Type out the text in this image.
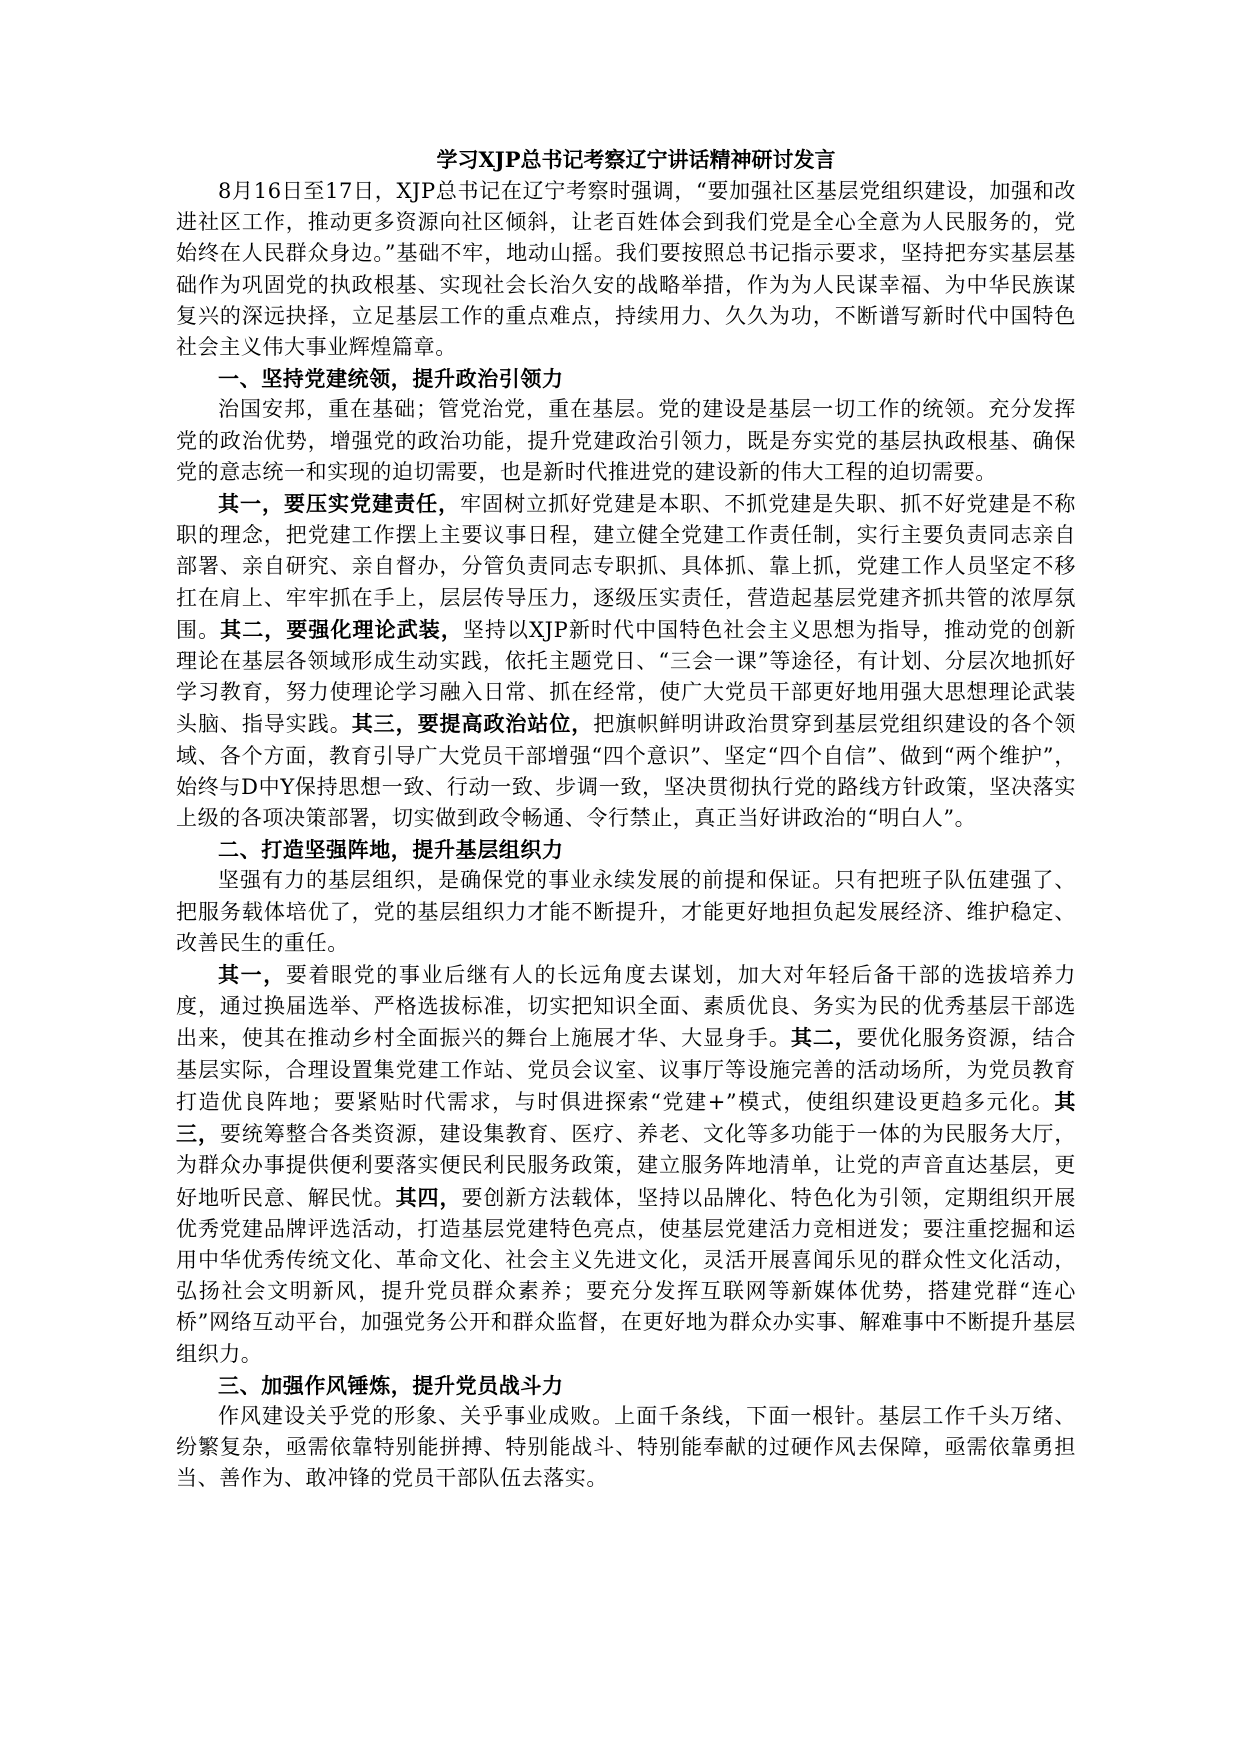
学习XJP总书记考察辽宁讲话精神研讨发言

8月16日至17日，XJP总书记在辽宁考察时强调，“要加强社区基层党组织建设，加强和改进社区工作，推动更多资源向社区倾斜，让老百姓体会到我们党是全心全意为人民服务的，党始终在人民群众身边。”基础不牢，地动山摇。我们要按照总书记指示要求，坚持把夯实基层基础作为巩固党的执政根基、实现社会长治久安的战略举措，作为为人民谋幸福、为中华民族谋复兴的深远抉择，立足基层工作的重点难点，持续用力、久久为功，不断谱写新时代中国特色社会主义伟大事业辉煌篇章。

一、坚持党建统领，提升政治引领力

治国安邦，重在基础；管党治党，重在基层。党的建设是基层一切工作的统领。充分发挥党的政治优势，增强党的政治功能，提升党建政治引领力，既是夯实党的基层执政根基、确保党的意志统一和实现的迫切需要，也是新时代推进党的建设新的伟大工程的迫切需要。

其一，要压实党建责任，牢固树立抓好党建是本职、不抓党建是失职、抓不好党建是不称职的理念，把党建工作摆上主要议事日程，建立健全党建工作责任制，实行主要负责同志亲自部署、亲自研究、亲自督办，分管负责同志专职抓、具体抓、靠上抓，党建工作人员坚定不移扛在肩上、牢牢抓在手上，层层传导压力，逐级压实责任，营造起基层党建齐抓共管的浓厚氛围。其二，要强化理论武装，坚持以XJP新时代中国特色社会主义思想为指导，推动党的创新理论在基层各领域形成生动实践，依托主题党日、“三会一课”等途径，有计划、分层次地抓好学习教育，努力使理论学习融入日常、抓在经常，使广大党员干部更好地用强大思想理论武装头脑、指导实践。其三，要提高政治站位，把旗帜鲜明讲政治贯穿到基层党组织建设的各个领域、各个方面，教育引导广大党员干部增强“四个意识”、坚定“四个自信”、做到“两个维护”，始终与D中Y保持思想一致、行动一致、步调一致，坚决贯彻执行党的路线方针政策，坚决落实上级的各项决策部署，切实做到政令畅通、令行禁止，真正当好讲政治的“明白人”。

二、打造坚强阵地，提升基层组织力

坚强有力的基层组织，是确保党的事业永续发展的前提和保证。只有把班子队伍建强了、把服务载体培优了，党的基层组织力才能不断提升，才能更好地担负起发展经济、维护稳定、改善民生的重任。

其一，要着眼党的事业后继有人的长远角度去谋划，加大对年轻后备干部的选拔培养力度，通过换届选举、严格选拔标准，切实把知识全面、素质优良、务实为民的优秀基层干部选出来，使其在推动乡村全面振兴的舞台上施展才华、大显身手。其二，要优化服务资源，结合基层实际，合理设置集党建工作站、党员会议室、议事厅等设施完善的活动场所，为党员教育打造优良阵地；要紧贴时代需求，与时俱进探索“党建+”模式，使组织建设更趋多元化。其三，要统筹整合各类资源，建设集教育、医疗、养老、文化等多功能于一体的为民服务大厅，为群众办事提供便利要落实便民利民服务政策，建立服务阵地清单，让党的声音直达基层，更好地听民意、解民忧。其四，要创新方法载体，坚持以品牌化、特色化为引领，定期组织开展优秀党建品牌评选活动，打造基层党建特色亮点，使基层党建活力竞相迸发；要注重挖掘和运用中华优秀传统文化、革命文化、社会主义先进文化，灵活开展喜闻乐见的群众性文化活动，弘扬社会文明新风，提升党员群众素养；要充分发挥互联网等新媒体优势，搭建党群“连心桥”网络互动平台，加强党务公开和群众监督，在更好地为群众办实事、解难事中不断提升基层组织力。

三、加强作风锤炼，提升党员战斗力

作风建设关乎党的形象、关乎事业成败。上面千条线，下面一根针。基层工作千头万绪、纷繁复杂，亟需依靠特别能拼搏、特别能战斗、特别能奉献的过硬作风去保障，亟需依靠勇担当、善作为、敢冲锋的党员干部队伍去落实。
